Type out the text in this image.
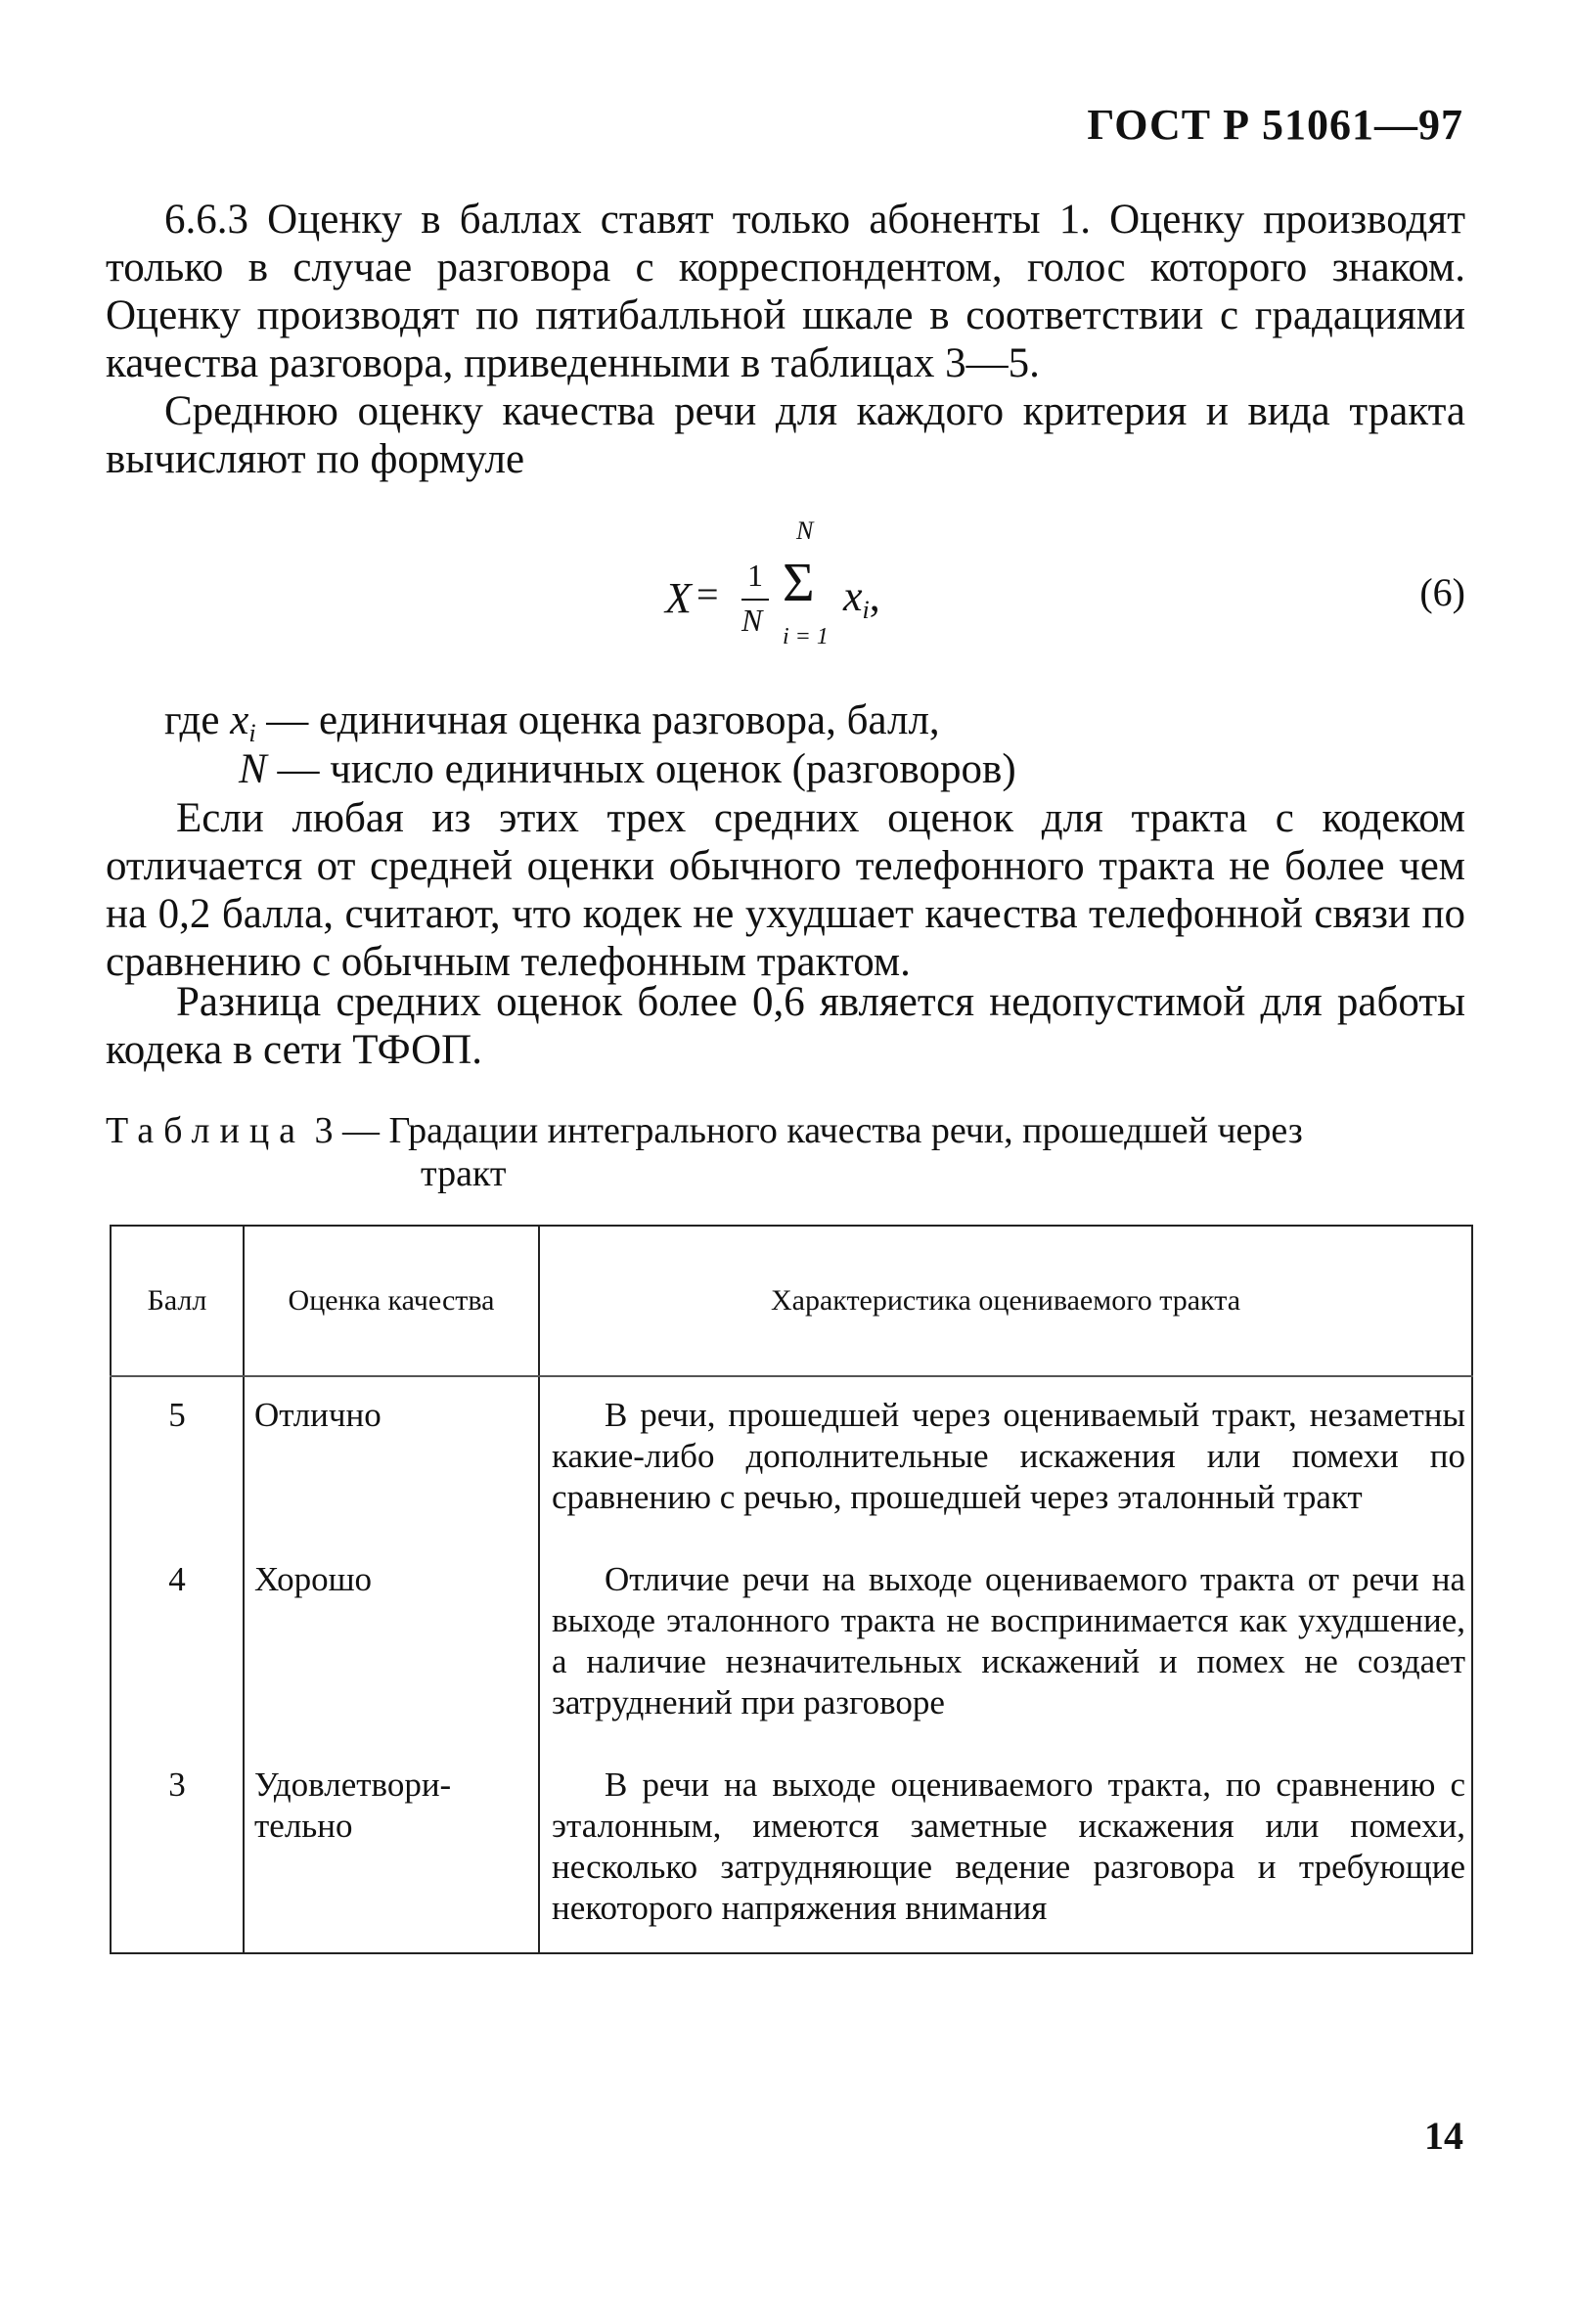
ГОСТ Р 51061—97
6.6.3 Оценку в баллах ставят только абоненты 1. Оценку производят только в случае разговора с корреспондентом, голос которого знаком. Оценку производят по пятибалльной шкале в соответствии с градациями качества разговора, приведенными в таблицах 3—5.
Среднюю оценку качества речи для каждого критерия и вида тракта вычисляют по формуле
X = 1
N
N
Σ
i = 1
xi,	(6)
где xi — единичная оценка разговора, балл,
N — число единичных оценок (разговоров)
Если любая из этих трех средних оценок для тракта с кодеком отличается от средней оценки обычного телефонного тракта не более чем на 0,2 балла, считают, что кодек не ухудшает качества телефонной связи по сравнению с обычным телефонным трактом.
Разница средних оценок более 0,6 является недопустимой для работы кодека в сети ТФОП.
Таблица 3 — Градации интегрального качества речи, прошедшей через
тракт
Балл	Оценка качества	Характеристика оцениваемого тракта
5	Отлично	В речи, прошедшей через оцениваемый тракт, незаметны какие-либо дополнительные искажения или помехи по сравнению с речью, прошедшей через эталонный тракт
4	Хорошо	Отличие речи на выходе оцениваемого тракта от речи на выходе эталонного тракта не воспринимается как ухудшение, а наличие незначительных искажений и помех не создает затруднений при разговоре
3	Удовлетвори-тельно	В речи на выходе оцениваемого тракта, по сравнению с эталонным, имеются заметные искажения или помехи, несколько затрудняющие ведение разговора и требующие некоторого напряжения внимания
14
